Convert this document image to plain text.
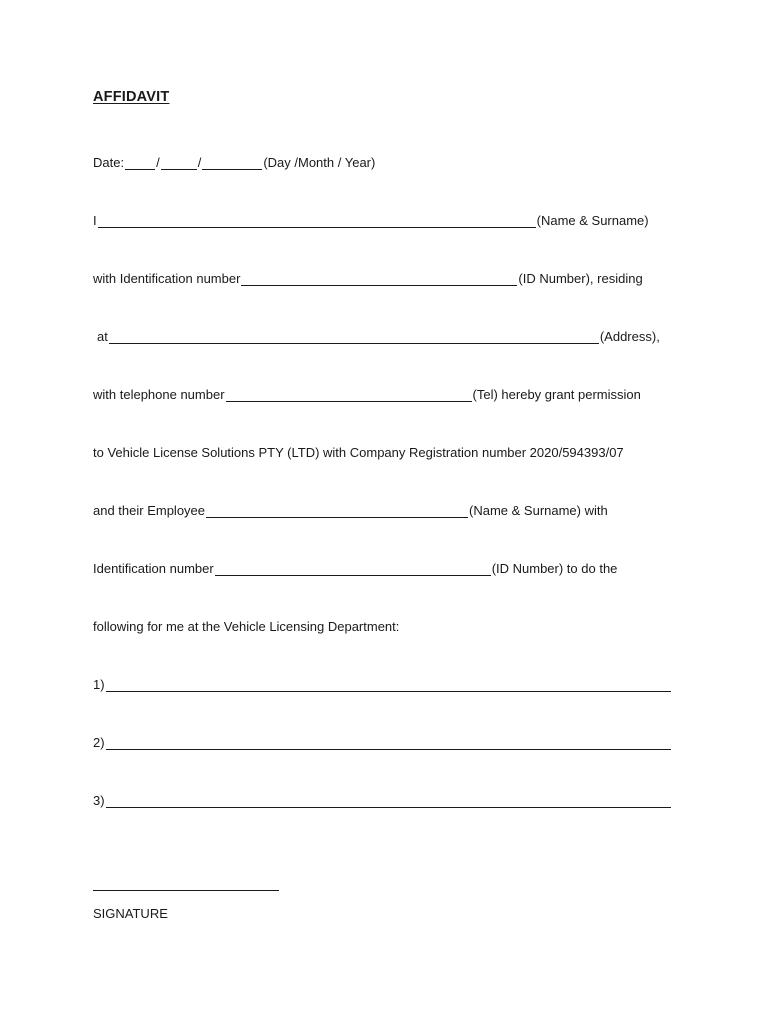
AFFIDAVIT
Date: /	/	(Day /Month / Year)
I	(Name & Surname)
with Identification number	(ID Number), residing
at	(Address),
with telephone number	(Tel) hereby grant permission
to Vehicle License Solutions PTY (LTD) with Company Registration number 2020/594393/07
and their Employee	(Name & Surname) with
Identification number	(ID Number) to do the
following for me at the Vehicle Licensing Department:
1)
2)
3)
SIGNATURE
